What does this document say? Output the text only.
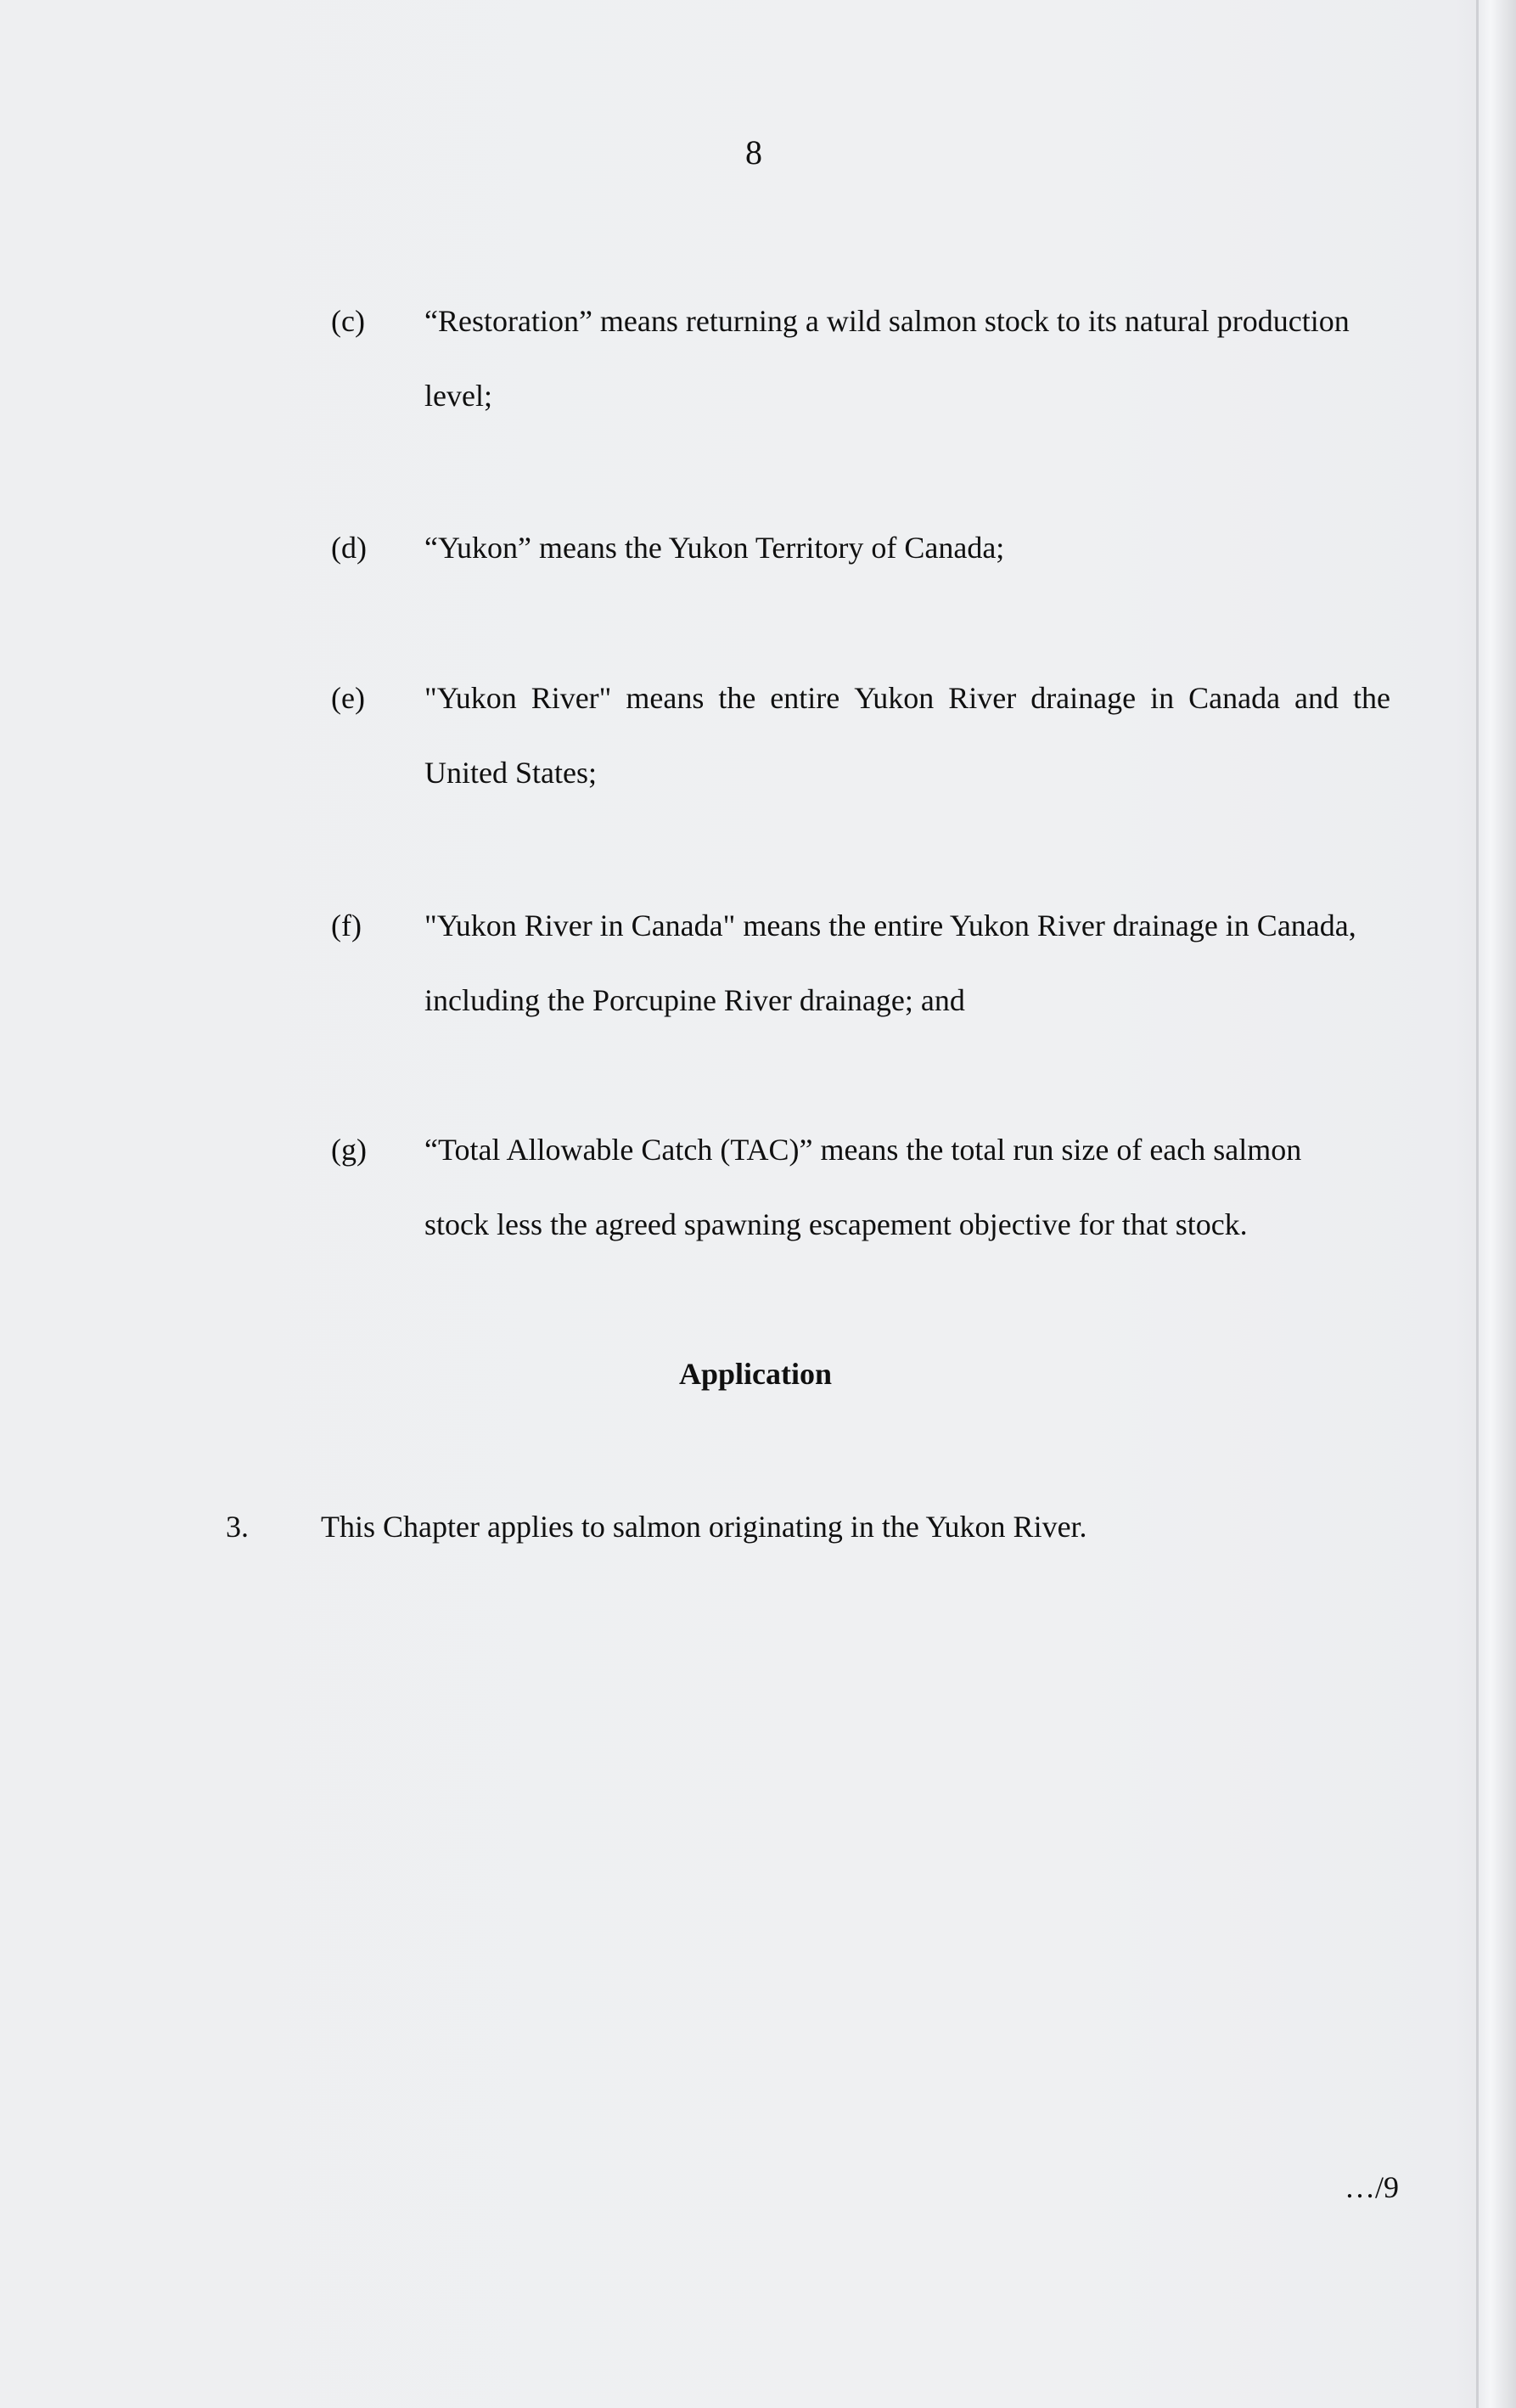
8
(c) “Restoration” means returning a wild salmon stock to its natural production
level;
(d) “Yukon” means the Yukon Territory of Canada;
(e) "Yukon River" means the entire Yukon River drainage in Canada and the
United States;
(f) "Yukon River in Canada" means the entire Yukon River drainage in Canada,
including the Porcupine River drainage; and
(g) “Total Allowable Catch (TAC)” means the total run size of each salmon
stock less the agreed spawning escapement objective for that stock.
Application
3. This Chapter applies to salmon originating in the Yukon River.
…/9
